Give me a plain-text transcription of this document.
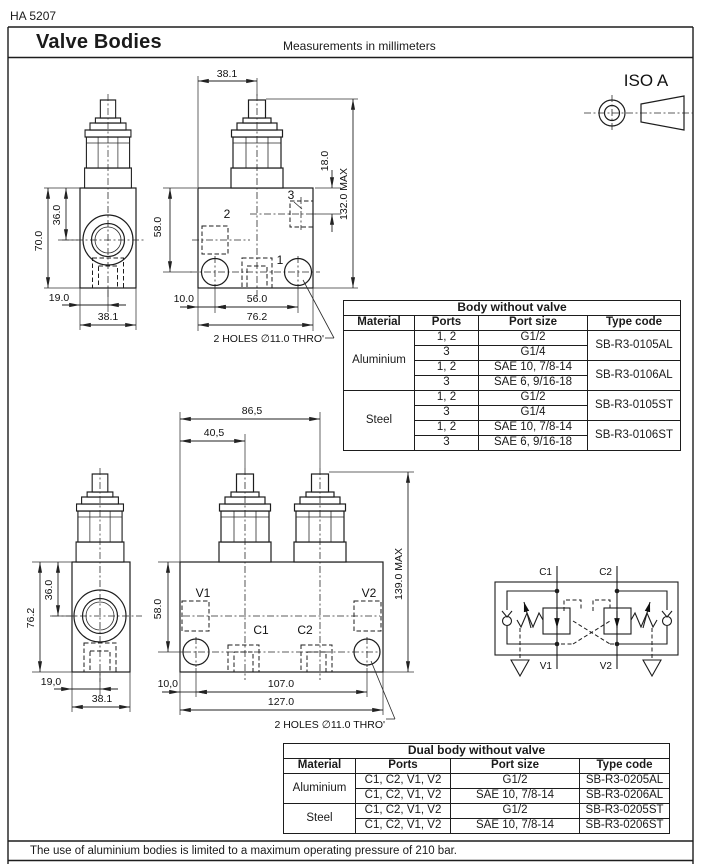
70.0
36.0
19.0
38.1
2
3
1
38.1
18.0
132.0 MAX
58.0
10.0	56.0
76.2
2 HOLES ∅11.0 THRO'
ISO A
76.2
36.0
19,0
38.1
V1	V2
C1 C2
86,5
40,5
139.0 MAX
58.0
10,0	107.0
127.0
2 HOLES ∅11.0 THRO'
C1	C2
V1	V2
HA 5207
Valve Bodies	Measurements in millimeters
The use of aluminium bodies is limited to a maximum operating pressure of 210 bar.
Body without valve			
Material	Ports	Port size	Type code
Aluminium	1, 2	G1/2	SB-R3-0105AL
	3	G1/4	
	1, 2	SAE 10, 7/8-14	SB-R3-0106AL
	3	SAE 6, 9/16-18	
Steel	1, 2	G1/2	SB-R3-0105ST
	3	G1/4	
	1, 2	SAE 10, 7/8-14	SB-R3-0106ST
	3	SAE 6, 9/16-18	
Dual body without valve			
Material	Ports	Port size	Type code
Aluminium	C1, C2, V1, V2	G1/2	SB-R3-0205AL
	C1, C2, V1, V2	SAE 10, 7/8-14	SB-R3-0206AL
Steel	C1, C2, V1, V2	G1/2	SB-R3-0205ST
	C1, C2, V1, V2	SAE 10, 7/8-14	SB-R3-0206ST
